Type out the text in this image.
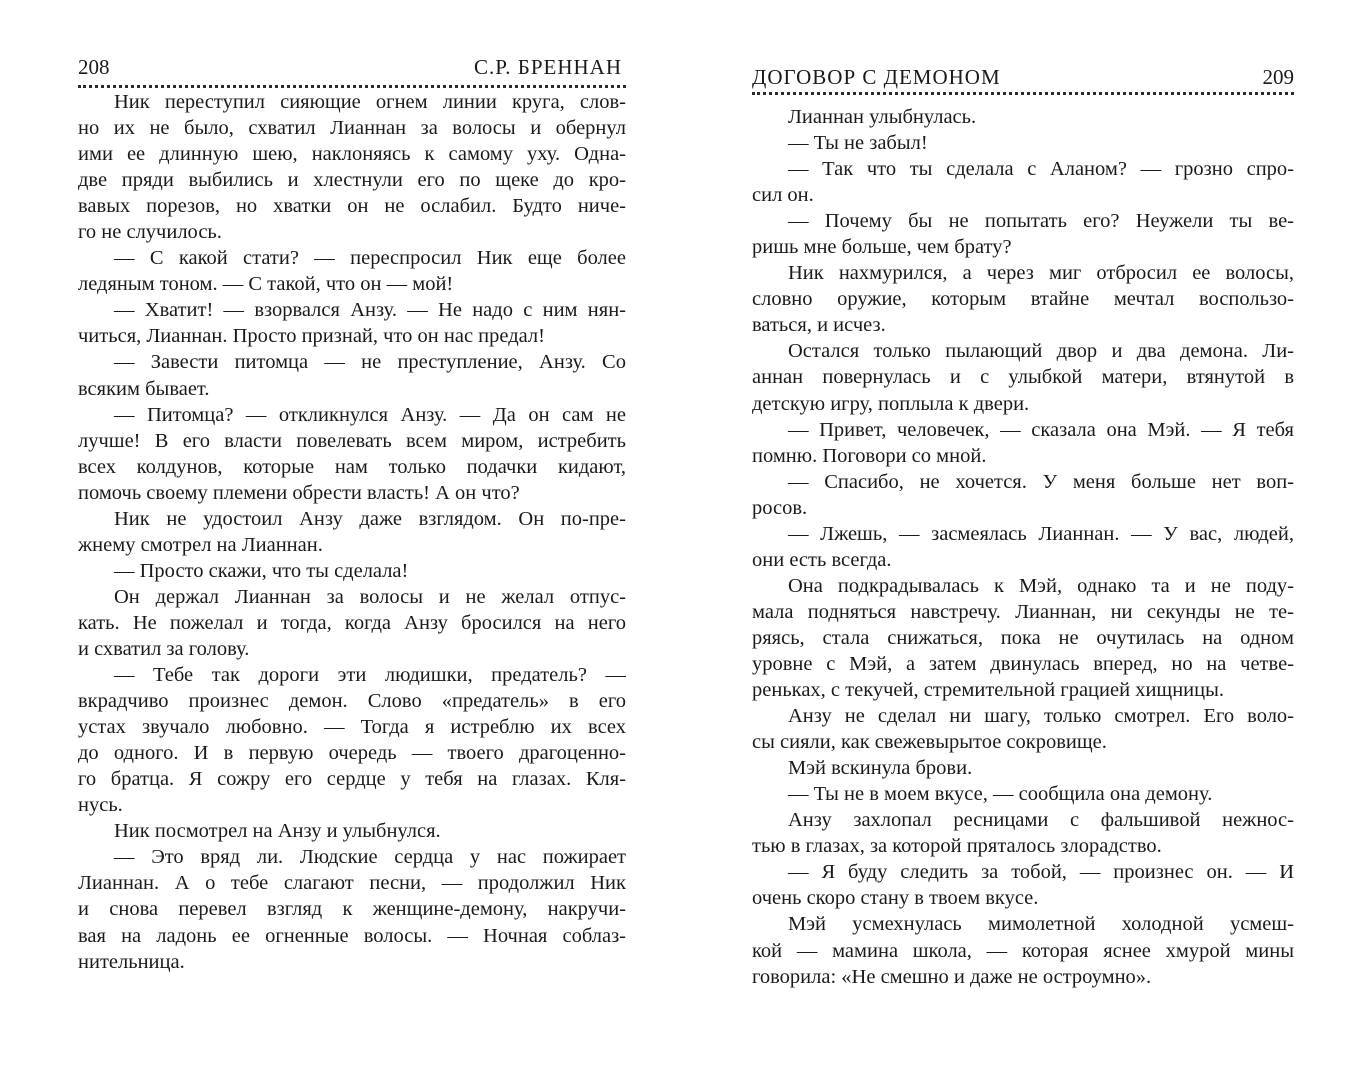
208	С.Р. БРЕННАН
Ник переступил сияющие огнем линии круга, слов-
но их не было, схватил Лианнан за волосы и обернул
ими ее длинную шею, наклоняясь к самому уху. Одна-
две пряди выбились и хлестнули его по щеке до кро-
вавых порезов, но хватки он не ослабил. Будто ниче-
го не случилось.
— С какой стати? — переспросил Ник еще более
ледяным тоном. — С такой, что он — мой!
— Хватит! — взорвался Анзу. — Не надо с ним нян-
читься, Лианнан. Просто признай, что он нас предал!
— Завести питомца — не преступление, Анзу. Со
всяким бывает.
— Питомца? — откликнулся Анзу. — Да он сам не
лучше! В его власти повелевать всем миром, истребить
всех колдунов, которые нам только подачки кидают,
помочь своему племени обрести власть! А он что?
Ник не удостоил Анзу даже взглядом. Он по-пре-
жнему смотрел на Лианнан.
— Просто скажи, что ты сделала!
Он держал Лианнан за волосы и не желал отпус-
кать. Не пожелал и тогда, когда Анзу бросился на него
и схватил за голову.
— Тебе так дороги эти людишки, предатель? —
вкрадчиво произнес демон. Слово «предатель» в его
устах звучало любовно. — Тогда я истреблю их всех
до одного. И в первую очередь — твоего драгоценно-
го братца. Я сожру его сердце у тебя на глазах. Кля-
нусь.
Ник посмотрел на Анзу и улыбнулся.
— Это вряд ли. Людские сердца у нас пожирает
Лианнан. А о тебе слагают песни, — продолжил Ник
и снова перевел взгляд к женщине-демону, накручи-
вая на ладонь ее огненные волосы. — Ночная соблаз-
нительница.
ДОГОВОР С ДЕМОНОМ	209
Лианнан улыбнулась.
— Ты не забыл!
— Так что ты сделала с Аланом? — грозно спро-
сил он.
— Почему бы не попытать его? Неужели ты ве-
ришь мне больше, чем брату?
Ник нахмурился, а через миг отбросил ее волосы,
словно оружие, которым втайне мечтал воспользо-
ваться, и исчез.
Остался только пылающий двор и два демона. Ли-
аннан повернулась и с улыбкой матери, втянутой в
детскую игру, поплыла к двери.
— Привет, человечек, — сказала она Мэй. — Я тебя
помню. Поговори со мной.
— Спасибо, не хочется. У меня больше нет воп-
росов.
— Лжешь, — засмеялась Лианнан. — У вас, людей,
они есть всегда.
Она подкрадывалась к Мэй, однако та и не поду-
мала подняться навстречу. Лианнан, ни секунды не те-
ряясь, стала снижаться, пока не очутилась на одном
уровне с Мэй, а затем двинулась вперед, но на четве-
реньках, с текучей, стремительной грацией хищницы.
Анзу не сделал ни шагу, только смотрел. Его воло-
сы сияли, как свежевырытое сокровище.
Мэй вскинула брови.
— Ты не в моем вкусе, — сообщила она демону.
Анзу захлопал ресницами с фальшивой нежнос-
тью в глазах, за которой пряталось злорадство.
— Я буду следить за тобой, — произнес он. — И
очень скоро стану в твоем вкусе.
Мэй усмехнулась мимолетной холодной усмеш-
кой — мамина школа, — которая яснее хмурой мины
говорила: «Не смешно и даже не остроумно».
